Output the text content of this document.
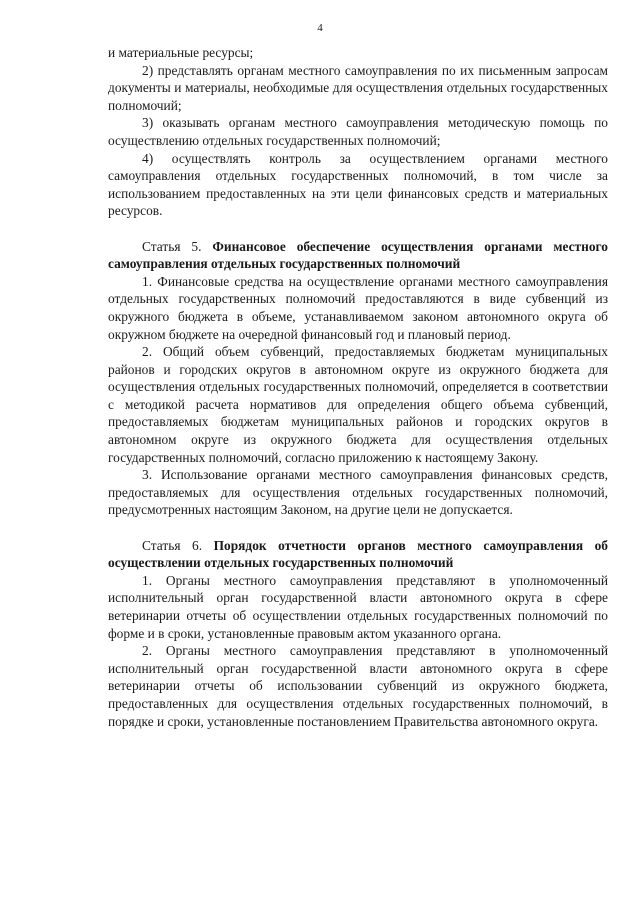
4

и материальные ресурсы;

2) представлять органам местного самоуправления по их письменным запросам документы и материалы, необходимые для осуществления отдельных государственных полномочий;

3) оказывать органам местного самоуправления методическую помощь по осуществлению отдельных государственных полномочий;

4) осуществлять контроль за осуществлением органами местного самоуправления отдельных государственных полномочий, в том числе за использованием предоставленных на эти цели финансовых средств и материальных ресурсов.

Статья 5. Финансовое обеспечение осуществления органами местного самоуправления отдельных государственных полномочий

1. Финансовые средства на осуществление органами местного самоуправления отдельных государственных полномочий предоставляются в виде субвенций из окружного бюджета в объеме, устанавливаемом законом автономного округа об окружном бюджете на очередной финансовый год и плановый период.

2. Общий объем субвенций, предоставляемых бюджетам муниципальных районов и городских округов в автономном округе из окружного бюджета для осуществления отдельных государственных полномочий, определяется в соответствии с методикой расчета нормативов для определения общего объема субвенций, предоставляемых бюджетам муниципальных районов и городских округов в автономном округе из окружного бюджета для осуществления отдельных государственных полномочий, согласно приложению к настоящему Закону.

3. Использование органами местного самоуправления финансовых средств, предоставляемых для осуществления отдельных государственных полномочий, предусмотренных настоящим Законом, на другие цели не допускается.

Статья 6. Порядок отчетности органов местного самоуправления об осуществлении отдельных государственных полномочий

1. Органы местного самоуправления представляют в уполномоченный исполнительный орган государственной власти автономного округа в сфере ветеринарии отчеты об осуществлении отдельных государственных полномочий по форме и в сроки, установленные правовым актом указанного органа.

2. Органы местного самоуправления представляют в уполномоченный исполнительный орган государственной власти автономного округа в сфере ветеринарии отчеты об использовании субвенций из окружного бюджета, предоставленных для осуществления отдельных государственных полномочий, в порядке и сроки, установленные постановлением Правительства автономного округа.
